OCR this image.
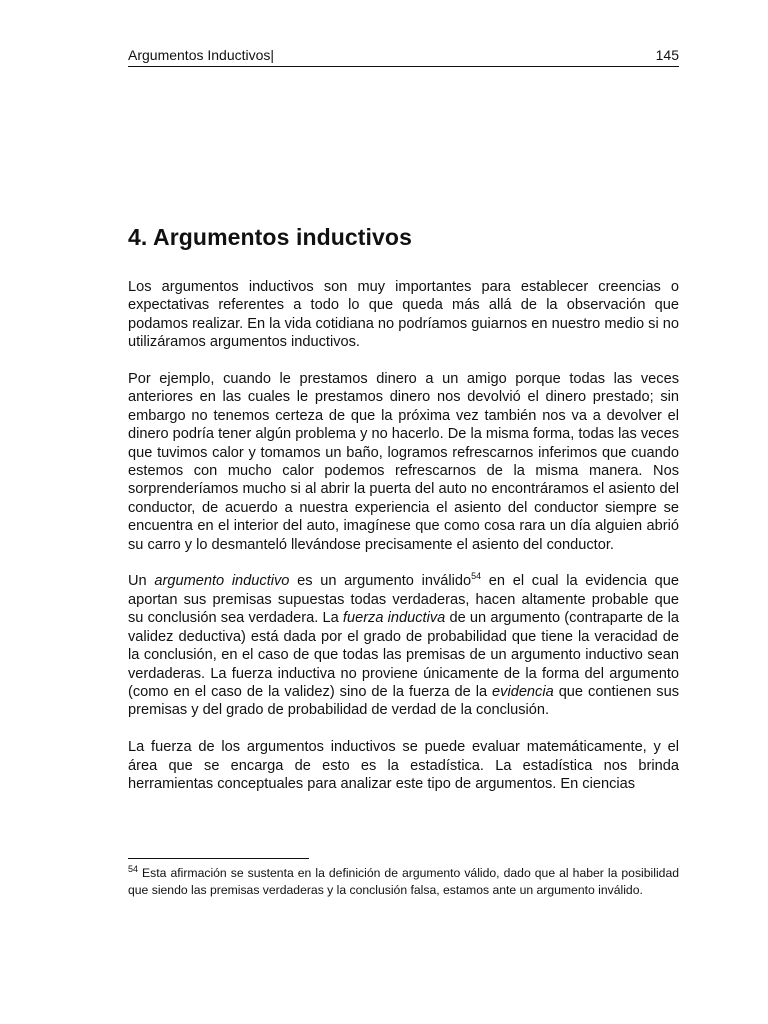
Argumentos Inductivos|	145
4. Argumentos inductivos

Los argumentos inductivos son muy importantes para establecer creencias o expectativas referentes a todo lo que queda más allá de la observación que podamos realizar. En la vida cotidiana no podríamos guiarnos en nuestro medio si no utilizáramos argumentos inductivos.

Por ejemplo, cuando le prestamos dinero a un amigo porque todas las veces anteriores en las cuales le prestamos dinero nos devolvió el dinero prestado; sin embargo no tenemos certeza de que la próxima vez también nos va a devolver el dinero podría tener algún problema y no hacerlo. De la misma forma, todas las veces que tuvimos calor y tomamos un baño, logramos refrescarnos inferimos que cuando estemos con mucho calor podemos refrescarnos de la misma manera. Nos sorprenderíamos mucho si al abrir la puerta del auto no encontráramos el asiento del conductor, de acuerdo a nuestra experiencia el asiento del conductor siempre se encuentra en el interior del auto, imagínese que como cosa rara un día alguien abrió su carro y lo desmanteló llevándose precisamente el asiento del conductor.

Un argumento inductivo es un argumento inválido$^{54}$ en el cual la evidencia que aportan sus premisas supuestas todas verdaderas, hacen altamente probable que su conclusión sea verdadera. La fuerza inductiva de un argumento (contraparte de la validez deductiva) está dada por el grado de probabilidad que tiene la veracidad de la conclusión, en el caso de que todas las premisas de un argumento inductivo sean verdaderas. La fuerza inductiva no proviene únicamente de la forma del argumento (como en el caso de la validez) sino de la fuerza de la evidencia que contienen sus premisas y del grado de probabilidad de verdad de la conclusión.

La fuerza de los argumentos inductivos se puede evaluar matemáticamente, y el área que se encarga de esto es la estadística. La estadística nos brinda herramientas conceptuales para analizar este tipo de argumentos. En ciencias

$^{54}$ Esta afirmación se sustenta en la definición de argumento válido, dado que al haber la posibilidad que siendo las premisas verdaderas y la conclusión falsa, estamos ante un argumento inválido.
